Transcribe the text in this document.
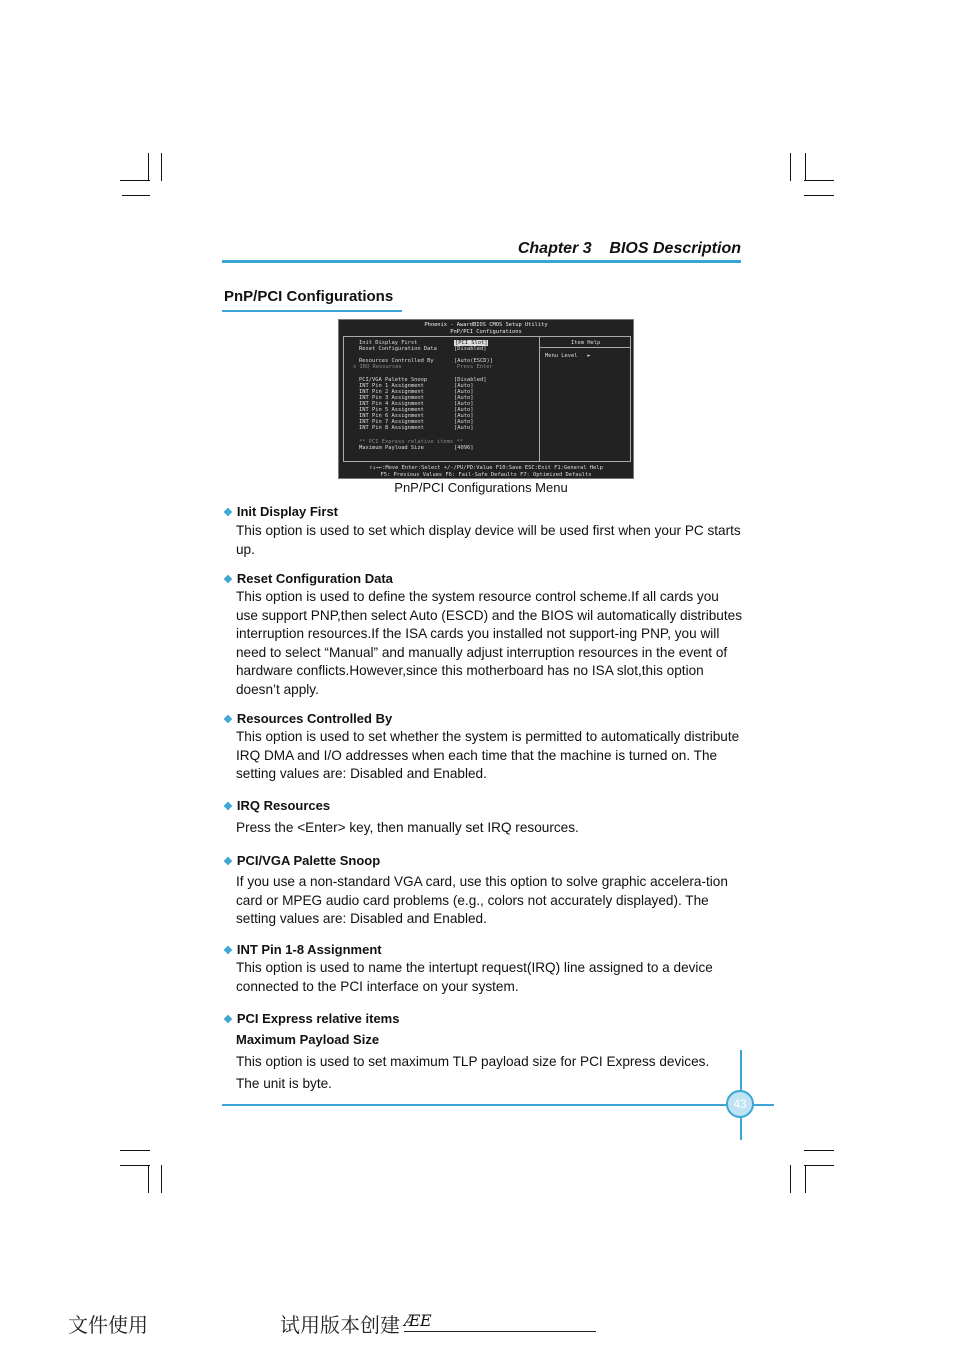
Chapter 3 BIOS Description
PnP/PCI Configurations
Phoenix - AwardBIOS CMOS Setup Utility
PnP/PCI Configurations
Item Help
Menu Level ►
Init Display First	[PCI Slot]
Reset Configuration Data	[Disabled]
Resources Controlled By	[Auto(ESCD)]
x IRQ Resources	Press Enter
PCI/VGA Palette Snoop	[Disabled]
INT Pin 1 Assignment	[Auto]
INT Pin 2 Assignment	[Auto]
INT Pin 3 Assignment	[Auto]
INT Pin 4 Assignment	[Auto]
INT Pin 5 Assignment	[Auto]
INT Pin 6 Assignment	[Auto]
INT Pin 7 Assignment	[Auto]
INT Pin 8 Assignment	[Auto]
** PCI Express relative items **
Maximum Payload Size	[4096]
↑↓→←:Move Enter:Select +/-/PU/PD:Value F10:Save ESC:Exit F1:General Help
F5: Previous Values F6: Fail-Safe Defaults F7: Optimized Defaults
PnP/PCI Configurations Menu
❖ Init Display First
This option is used to set which display device will be used first when your PC starts up.
❖ Reset Configuration Data
This option is used to define the system resource control scheme.If all cards you use support PNP,then select Auto (ESCD) and the BIOS wil automatically distributes interruption resources.If the ISA cards you installed not support-ing PNP, you will need to select “Manual” and manually adjust interruption resources in the event of hardware conflicts.However,since this motherboard has no ISA slot,this option doesn’t apply.
❖ Resources Controlled By
This option is used to set whether the system is permitted to automatically distribute IRQ DMA and I/O addresses when each time that the machine is turned on. The setting values are: Disabled and Enabled.
❖ IRQ Resources
Press the <Enter> key, then manually set IRQ resources.
❖ PCI/VGA Palette Snoop
If you use a non-standard VGA card, use this option to solve graphic accelera-tion card or MPEG audio card problems (e.g., colors not accurately displayed). The setting values are: Disabled and Enabled.
❖ INT Pin 1-8 Assignment
This option is used to name the intertupt request(IRQ) line assigned to a device connected to the PCI interface on your system.
❖ PCI Express relative items
Maximum Payload Size
This option is used to set maximum TLP payload size for PCI Express devices.
The unit is byte.
43
文件使用	试用版本创建 ÆE
